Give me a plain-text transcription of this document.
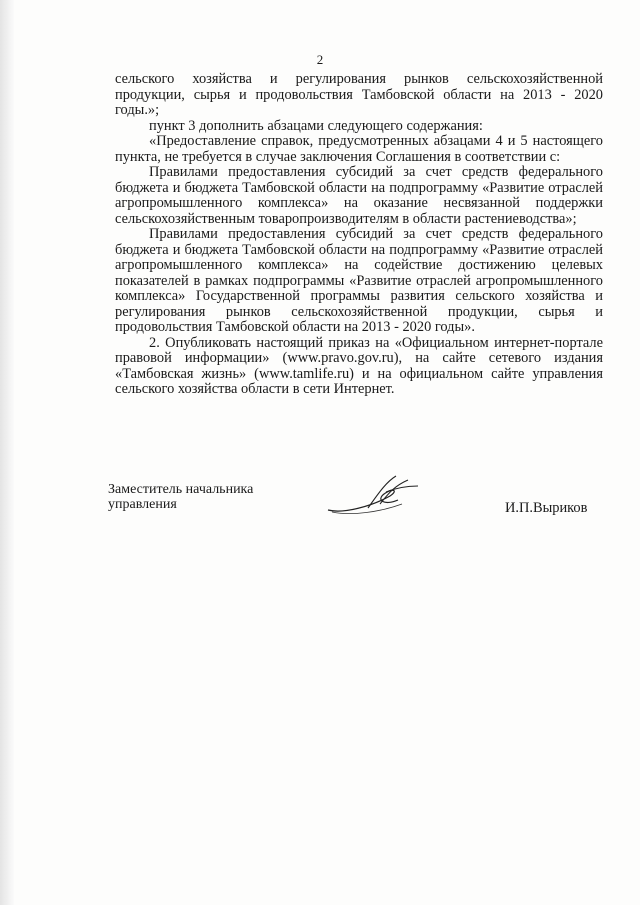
2

сельского хозяйства и регулирования рынков сельскохозяйственной продукции, сырья и продовольствия Тамбовской области на 2013 - 2020 годы.»;

пункт 3 дополнить абзацами следующего содержания:

«Предоставление справок, предусмотренных абзацами 4 и 5 настоящего пункта, не требуется в случае заключения Соглашения в соответствии с:

Правилами предоставления субсидий за счет средств федерального бюджета и бюджета Тамбовской области на подпрограмму «Развитие отраслей агропромышленного комплекса» на оказание несвязанной поддержки сельскохозяйственным товаропроизводителям в области растениеводства»;

Правилами предоставления субсидий за счет средств федерального бюджета и бюджета Тамбовской области на подпрограмму «Развитие отраслей агропромышленного комплекса» на содействие достижению целевых показателей в рамках подпрограммы «Развитие отраслей агропромышленного комплекса» Государственной программы развития сельского хозяйства и регулирования рынков сельскохозяйственной продукции, сырья и продовольствия Тамбовской области на 2013 - 2020 годы».

2. Опубликовать настоящий приказ на «Официальном интернет-портале правовой информации» (www.pravo.gov.ru), на сайте сетевого издания «Тамбовская жизнь» (www.tamlife.ru) и на официальном сайте управления сельского хозяйства области в сети Интернет.

Заместитель начальника
управления	И.П.Выриков
